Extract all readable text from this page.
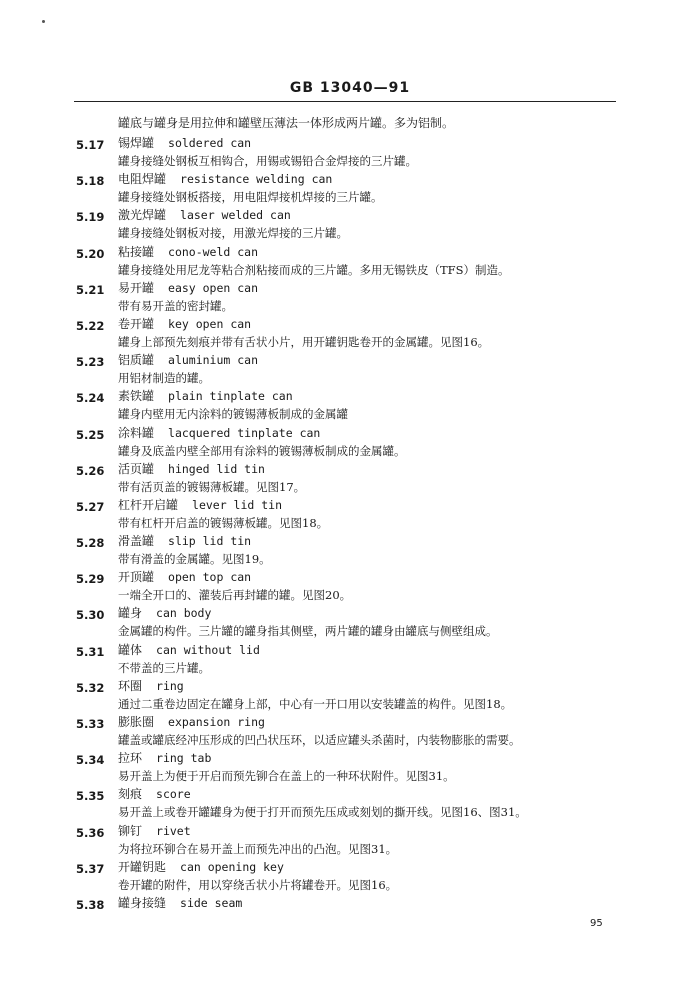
GB 13040—91
罐底与罐身是用拉伸和罐壁压薄法一体形成两片罐。多为铝制。
5.17 锡焊罐 soldered can
罐身接缝处钢板互相钩合，用锡或锡铅合金焊接的三片罐。
5.18 电阻焊罐 resistance welding can
罐身接缝处钢板搭接，用电阻焊接机焊接的三片罐。
5.19 激光焊罐 laser welded can
罐身接缝处钢板对接，用激光焊接的三片罐。
5.20 粘接罐 cono-weld can
罐身接缝处用尼龙等粘合剂粘接而成的三片罐。多用无锡铁皮（TFS）制造。
5.21 易开罐 easy open can
带有易开盖的密封罐。
5.22 卷开罐 key open can
罐身上部预先刻痕并带有舌状小片，用开罐钥匙卷开的金属罐。见图16。
5.23 铝质罐 aluminium can
用铝材制造的罐。
5.24 素铁罐 plain tinplate can
罐身内壁用无内涂料的镀锡薄板制成的金属罐
5.25 涂料罐 lacquered tinplate can
罐身及底盖内壁全部用有涂料的镀锡薄板制成的金属罐。
5.26 活页罐 hinged lid tin
带有活页盖的镀锡薄板罐。见图17。
5.27 杠杆开启罐 lever lid tin
带有杠杆开启盖的镀锡薄板罐。见图18。
5.28 滑盖罐 slip lid tin
带有滑盖的金属罐。见图19。
5.29 开顶罐 open top can
一端全开口的、灌装后再封罐的罐。见图20。
5.30 罐身 can body
金属罐的构件。三片罐的罐身指其侧壁，两片罐的罐身由罐底与侧壁组成。
5.31 罐体 can without lid
不带盖的三片罐。
5.32 环圈 ring
通过二重卷边固定在罐身上部，中心有一开口用以安装罐盖的构件。见图18。
5.33 膨胀圈 expansion ring
罐盖或罐底经冲压形成的凹凸状压环，以适应罐头杀菌时，内装物膨胀的需要。
5.34 拉环 ring tab
易开盖上为便于开启而预先铆合在盖上的一种环状附件。见图31。
5.35 刻痕 score
易开盖上或卷开罐罐身为便于打开而预先压成或刻划的撕开线。见图16、图31。
5.36 铆钉 rivet
为将拉环铆合在易开盖上而预先冲出的凸泡。见图31。
5.37 开罐钥匙 can opening key
卷开罐的附件，用以穿绕舌状小片将罐卷开。见图16。
5.38 罐身接缝 side seam
95
